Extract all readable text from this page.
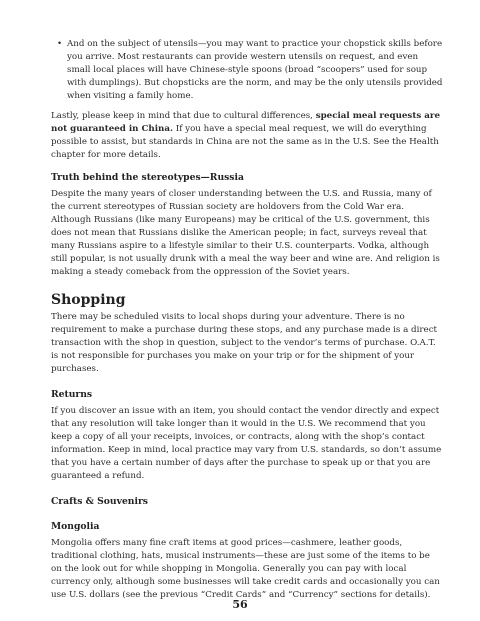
• And on the subject of utensils—you may want to practice your chopstick skills before you arrive. Most restaurants can provide western utensils on request, and even small local places will have Chinese-style spoons (broad “scoopers” used for soup with dumplings). But chopsticks are the norm, and may be the only utensils provided when visiting a family home.

Lastly, please keep in mind that due to cultural differences, special meal requests are not guaranteed in China. If you have a special meal request, we will do everything possible to assist, but standards in China are not the same as in the U.S. See the Health chapter for more details.

Truth behind the stereotypes—Russia

Despite the many years of closer understanding between the U.S. and Russia, many of the current stereotypes of Russian society are holdovers from the Cold War era. Although Russians (like many Europeans) may be critical of the U.S. government, this does not mean that Russians dislike the American people; in fact, surveys reveal that many Russians aspire to a lifestyle similar to their U.S. counterparts. Vodka, although still popular, is not usually drunk with a meal the way beer and wine are. And religion is making a steady comeback from the oppression of the Soviet years.

Shopping

There may be scheduled visits to local shops during your adventure. There is no requirement to make a purchase during these stops, and any purchase made is a direct transaction with the shop in question, subject to the vendor’s terms of purchase. O.A.T. is not responsible for purchases you make on your trip or for the shipment of your purchases.

Returns

If you discover an issue with an item, you should contact the vendor directly and expect that any resolution will take longer than it would in the U.S. We recommend that you keep a copy of all your receipts, invoices, or contracts, along with the shop’s contact information. Keep in mind, local practice may vary from U.S. standards, so don’t assume that you have a certain number of days after the purchase to speak up or that you are guaranteed a refund.

Crafts & Souvenirs
Mongolia

Mongolia offers many fine craft items at good prices—cashmere, leather goods, traditional clothing, hats, musical instruments—these are just some of the items to be on the look out for while shopping in Mongolia. Generally you can pay with local currency only, although some businesses will take credit cards and occasionally you can use U.S. dollars (see the previous “Credit Cards” and “Currency” sections for details).

56
